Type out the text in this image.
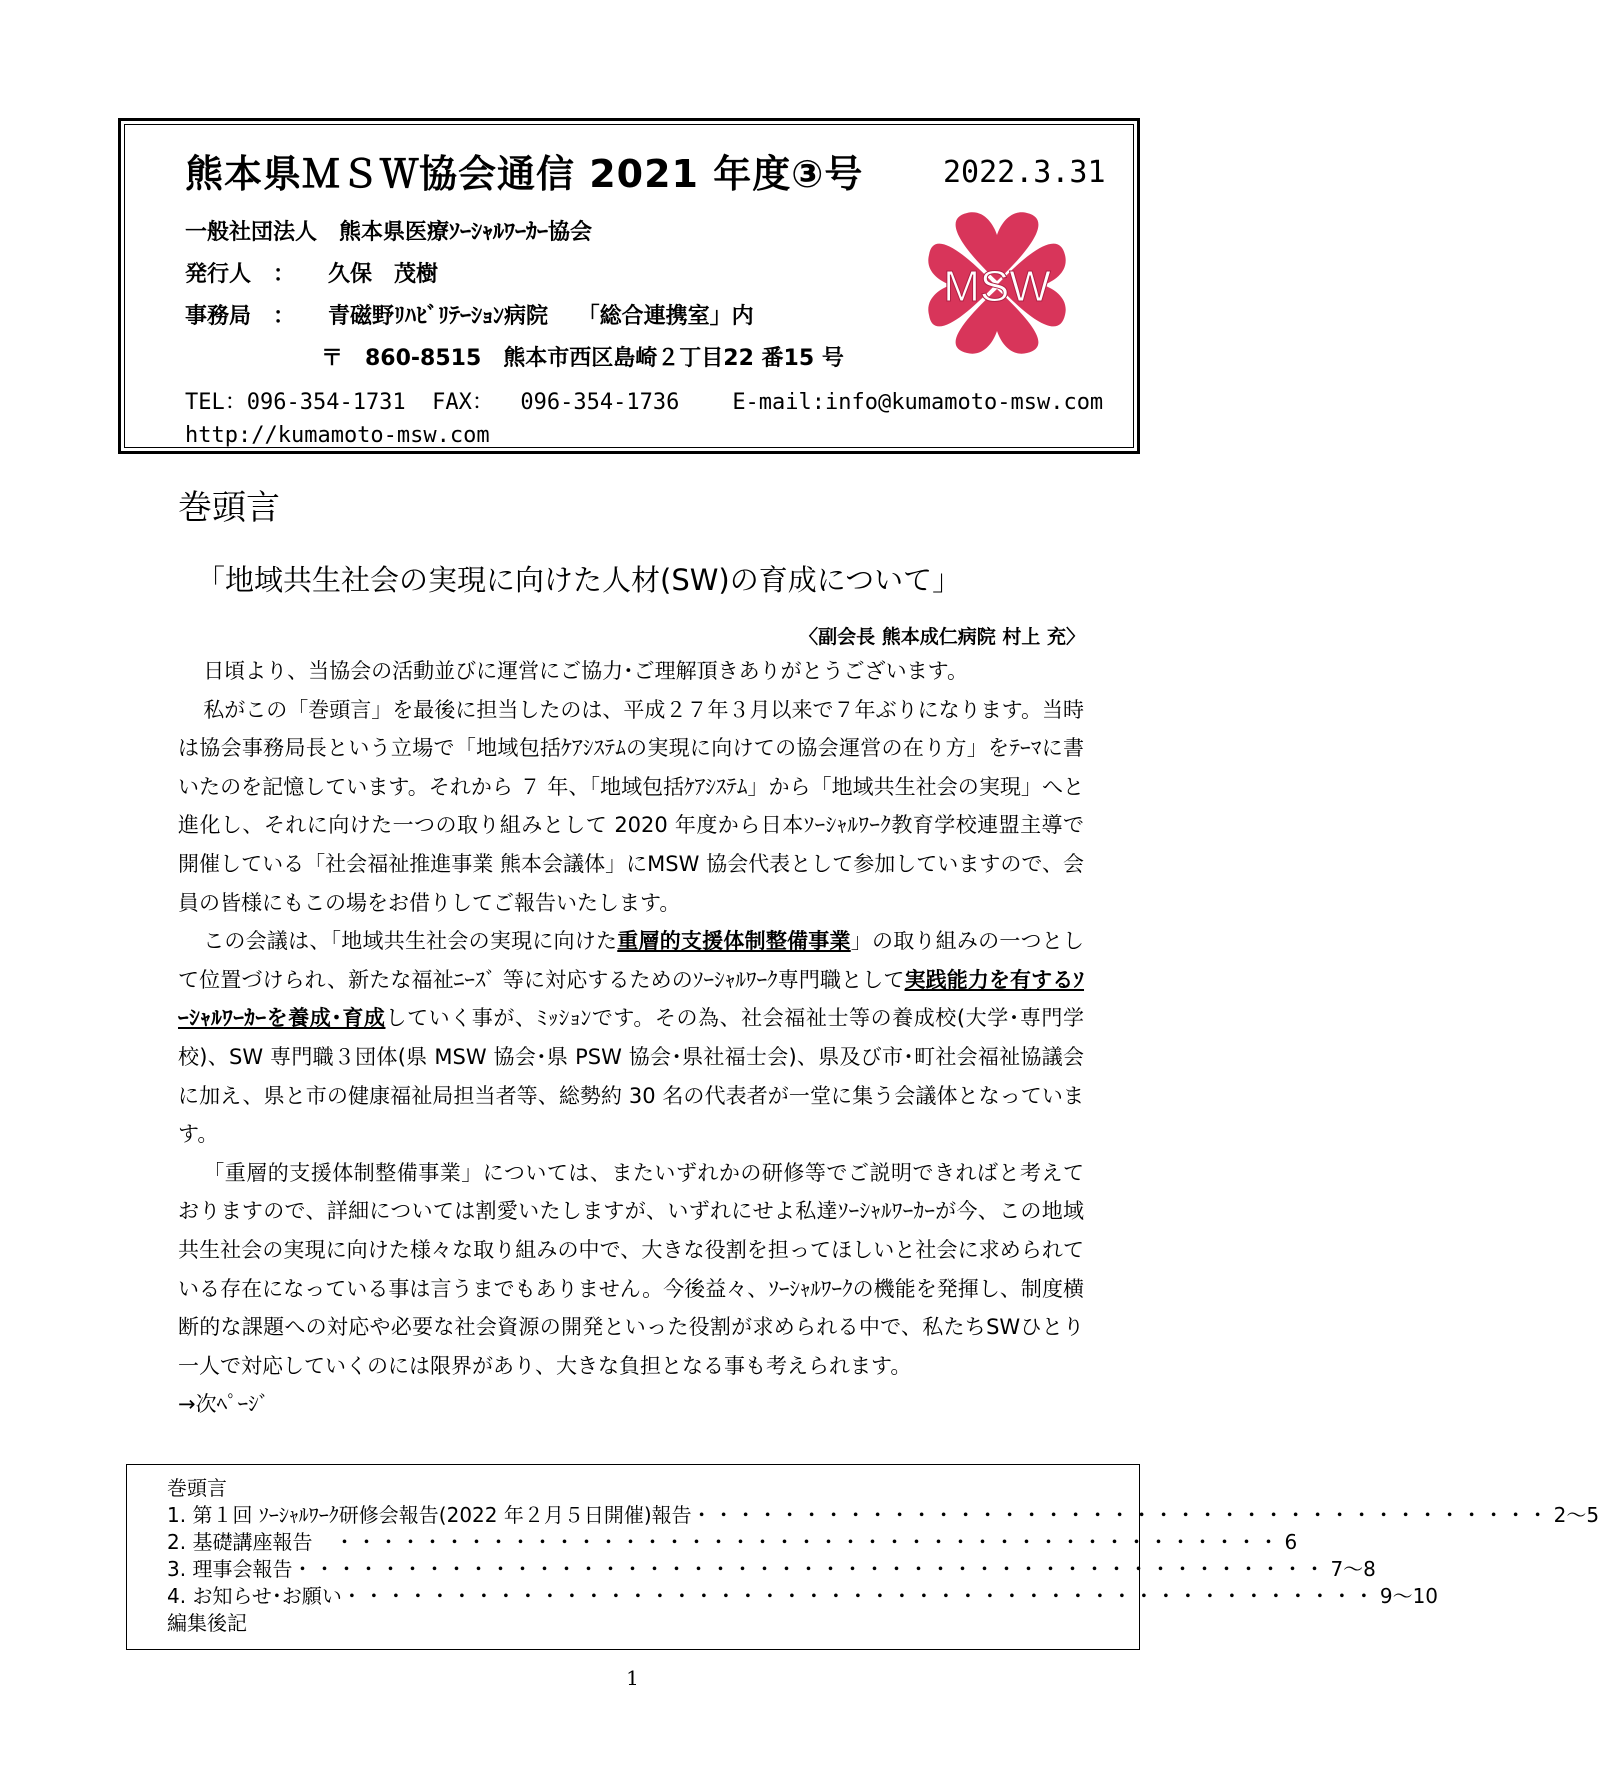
熊本県ＭＳＷ協会通信 2021 年度③号	2022.3.31
一般社団法人　熊本県医療ｿｰｼｬﾙﾜｰｶｰ協会
発行人　：　　久保　茂樹
事務局　：　　青磁野ﾘﾊﾋﾞﾘﾃｰｼｮﾝ病院　 「総合連携室」内
〒　860-8515　熊本市西区島崎２丁目22 番15 号
TEL：096-354-1731  FAX：  096-354-1736    E-mail:info@kumamoto-msw.com
http://kumamoto-msw.com
MSW
巻頭言
「地域共生社会の実現に向けた人材(SW)の育成について」
〈副会長 熊本成仁病院 村上 充〉

日頃より、当協会の活動並びに運営にご協力･ご理解頂きありがとうございます。

私がこの「巻頭言」を最後に担当したのは、平成２７年３月以来で７年ぶりになります。当時は協会事務局長という立場で「地域包括ｹｱｼｽﾃﾑの実現に向けての協会運営の在り方」をﾃｰﾏに書いたのを記憶しています。それから ７ 年、「地域包括ｹｱｼｽﾃﾑ」から「地域共生社会の実現」へと進化し、それに向けた一つの取り組みとして 2020 年度から日本ｿｰｼｬﾙﾜｰｸ教育学校連盟主導で開催している「社会福祉推進事業 熊本会議体」にMSW 協会代表として参加していますので、会員の皆様にもこの場をお借りしてご報告いたします。

この会議は、「地域共生社会の実現に向けた重層的支援体制整備事業」の取り組みの一つとして位置づけられ、新たな福祉ﾆｰｽﾞ 等に対応するためのｿｰｼｬﾙﾜｰｸ専門職として実践能力を有するｿｰｼｬﾙﾜｰｶｰを養成･育成していく事が、ﾐｯｼｮﾝです。その為、社会福祉士等の養成校(大学･専門学校)、SW 専門職３団体(県 MSW 協会･県 PSW 協会･県社福士会)、県及び市･町社会福祉協議会に加え、県と市の健康福祉局担当者等、総勢約 30 名の代表者が一堂に集う会議体となっています。

「重層的支援体制整備事業」については、またいずれかの研修等でご説明できればと考えておりますので、詳細については割愛いたしますが、いずれにせよ私達ｿｰｼｬﾙﾜｰｶｰが今、この地域共生社会の実現に向けた様々な取り組みの中で、大きな役割を担ってほしいと社会に求められている存在になっている事は言うまでもありません。今後益々、ｿｰｼｬﾙﾜｰｸの機能を発揮し、制度横断的な課題への対応や必要な社会資源の開発といった役割が求められる中で、私たちSWひとり一人で対応していくのには限界があり、大きな負担となる事も考えられます。

→次ﾍﾟｰｼﾞ

巻頭言
1. 第１回 ｿｰｼｬﾙﾜｰｸ研修会報告(2022 年２月５日開催)報告 ・・・・・・・・・・・・・・・・・・・・・・・・・・・・・・・・・・・・・・・ 2～5
2. 基礎講座報告 　・・・・・・・・・・・・・・・・・・・・・・・・・・・・・・・・・・・・・・・・・・・ 6
3. 理事会報告 ・・・・・・・・・・・・・・・・・・・・・・・・・・・・・・・・・・・・・・・・・・・・・・・ 7～8
4. お知らせ･お願い ・・・・・・・・・・・・・・・・・・・・・・・・・・・・・・・・・・・・・・・・・・・・・・・ 9～10
編集後記
1
